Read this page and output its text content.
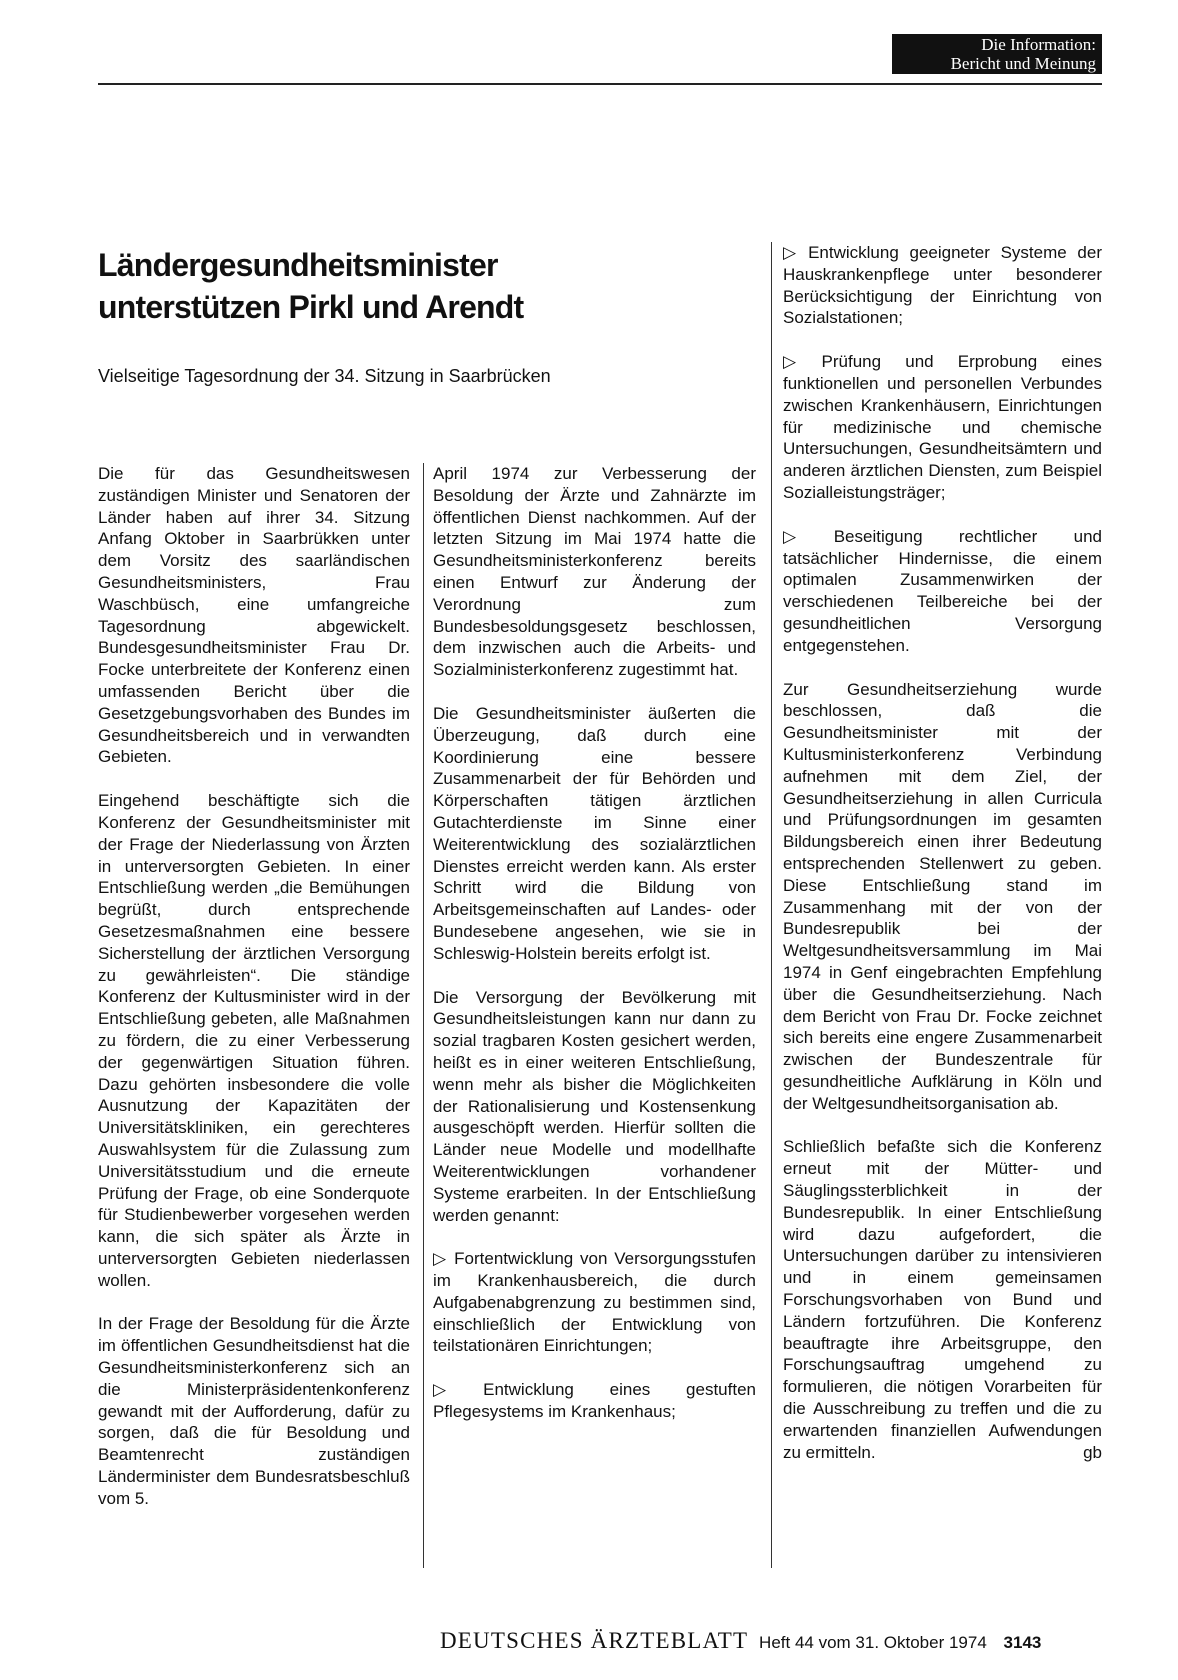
Die Information:
Bericht und Meinung
Ländergesundheitsminister
unterstützen Pirkl und Arendt

Vielseitige Tagesordnung der 34. Sitzung in Saarbrücken

Die für das Gesundheitswesen zuständigen Minister und Senatoren der Länder haben auf ihrer 34. Sitzung Anfang Oktober in Saarbrükken unter dem Vorsitz des saarländischen Gesundheitsministers, Frau Waschbüsch, eine umfangreiche Tagesordnung abgewickelt. Bundesgesundheitsminister Frau Dr. Focke unterbreitete der Konferenz einen umfassenden Bericht über die Gesetzgebungsvorhaben des Bundes im Gesundheitsbereich und in verwandten Gebieten.

Eingehend beschäftigte sich die Konferenz der Gesundheitsminister mit der Frage der Niederlassung von Ärzten in unterversorgten Gebieten. In einer Entschließung werden „die Bemühungen begrüßt, durch entsprechende Gesetzesmaßnahmen eine bessere Sicherstellung der ärztlichen Versorgung zu gewährleisten“. Die ständige Konferenz der Kultusminister wird in der Entschließung gebeten, alle Maßnahmen zu fördern, die zu einer Verbesserung der gegenwärtigen Situation führen. Dazu gehörten insbesondere die volle Ausnutzung der Kapazitäten der Universitätskliniken, ein gerechteres Auswahlsystem für die Zulassung zum Universitätsstudium und die erneute Prüfung der Frage, ob eine Sonderquote für Studienbewerber vorgesehen werden kann, die sich später als Ärzte in unterversorgten Gebieten niederlassen wollen.

In der Frage der Besoldung für die Ärzte im öffentlichen Gesundheitsdienst hat die Gesundheitsministerkonferenz sich an die Ministerpräsidentenkonferenz gewandt mit der Aufforderung, dafür zu sorgen, daß die für Besoldung und Beamtenrecht zuständigen Länderminister dem Bundesratsbeschluß vom 5.

April 1974 zur Verbesserung der Besoldung der Ärzte und Zahnärzte im öffentlichen Dienst nachkommen. Auf der letzten Sitzung im Mai 1974 hatte die Gesundheitsministerkonferenz bereits einen Entwurf zur Änderung der Verordnung zum Bundesbesoldungsgesetz beschlossen, dem inzwischen auch die Arbeits- und Sozialministerkonferenz zugestimmt hat.

Die Gesundheitsminister äußerten die Überzeugung, daß durch eine Koordinierung eine bessere Zusammenarbeit der für Behörden und Körperschaften tätigen ärztlichen Gutachterdienste im Sinne einer Weiterentwicklung des sozialärztlichen Dienstes erreicht werden kann. Als erster Schritt wird die Bildung von Arbeitsgemeinschaften auf Landes- oder Bundesebene angesehen, wie sie in Schleswig-Holstein bereits erfolgt ist.

Die Versorgung der Bevölkerung mit Gesundheitsleistungen kann nur dann zu sozial tragbaren Kosten gesichert werden, heißt es in einer weiteren Entschließung, wenn mehr als bisher die Möglichkeiten der Rationalisierung und Kostensenkung ausgeschöpft werden. Hierfür sollten die Länder neue Modelle und modellhafte Weiterentwicklungen vorhandener Systeme erarbeiten. In der Entschließung werden genannt:

▷ Fortentwicklung von Versorgungsstufen im Krankenhausbereich, die durch Aufgabenabgrenzung zu bestimmen sind, einschließlich der Entwicklung von teilstationären Einrichtungen;

▷ Entwicklung eines gestuften Pflegesystems im Krankenhaus;

▷ Entwicklung geeigneter Systeme der Hauskrankenpflege unter besonderer Berücksichtigung der Einrichtung von Sozialstationen;

▷ Prüfung und Erprobung eines funktionellen und personellen Verbundes zwischen Krankenhäusern, Einrichtungen für medizinische und chemische Untersuchungen, Gesundheitsämtern und anderen ärztlichen Diensten, zum Beispiel Sozialleistungsträger;

▷ Beseitigung rechtlicher und tatsächlicher Hindernisse, die einem optimalen Zusammenwirken der verschiedenen Teilbereiche bei der gesundheitlichen Versorgung entgegenstehen.

Zur Gesundheitserziehung wurde beschlossen, daß die Gesundheitsminister mit der Kultusministerkonferenz Verbindung aufnehmen mit dem Ziel, der Gesundheitserziehung in allen Curricula und Prüfungsordnungen im gesamten Bildungsbereich einen ihrer Bedeutung entsprechenden Stellenwert zu geben. Diese Entschließung stand im Zusammenhang mit der von der Bundesrepublik bei der Weltgesundheitsversammlung im Mai 1974 in Genf eingebrachten Empfehlung über die Gesundheitserziehung. Nach dem Bericht von Frau Dr. Focke zeichnet sich bereits eine engere Zusammenarbeit zwischen der Bundeszentrale für gesundheitliche Aufklärung in Köln und der Weltgesundheitsorganisation ab.

Schließlich befaßte sich die Konferenz erneut mit der Mütter- und Säuglingssterblichkeit in der Bundesrepublik. In einer Entschließung wird dazu aufgefordert, die Untersuchungen darüber zu intensivieren und in einem gemeinsamen Forschungsvorhaben von Bund und Ländern fortzuführen. Die Konferenz beauftragte ihre Arbeitsgruppe, den Forschungsauftrag umgehend zu formulieren, die nötigen Vorarbeiten für die Ausschreibung zu treffen und die zu erwartenden finanziellen Aufwendungen zu ermitteln.	gb

DEUTSCHES ÄRZTEBLATT Heft 44 vom 31. Oktober 1974 3143
